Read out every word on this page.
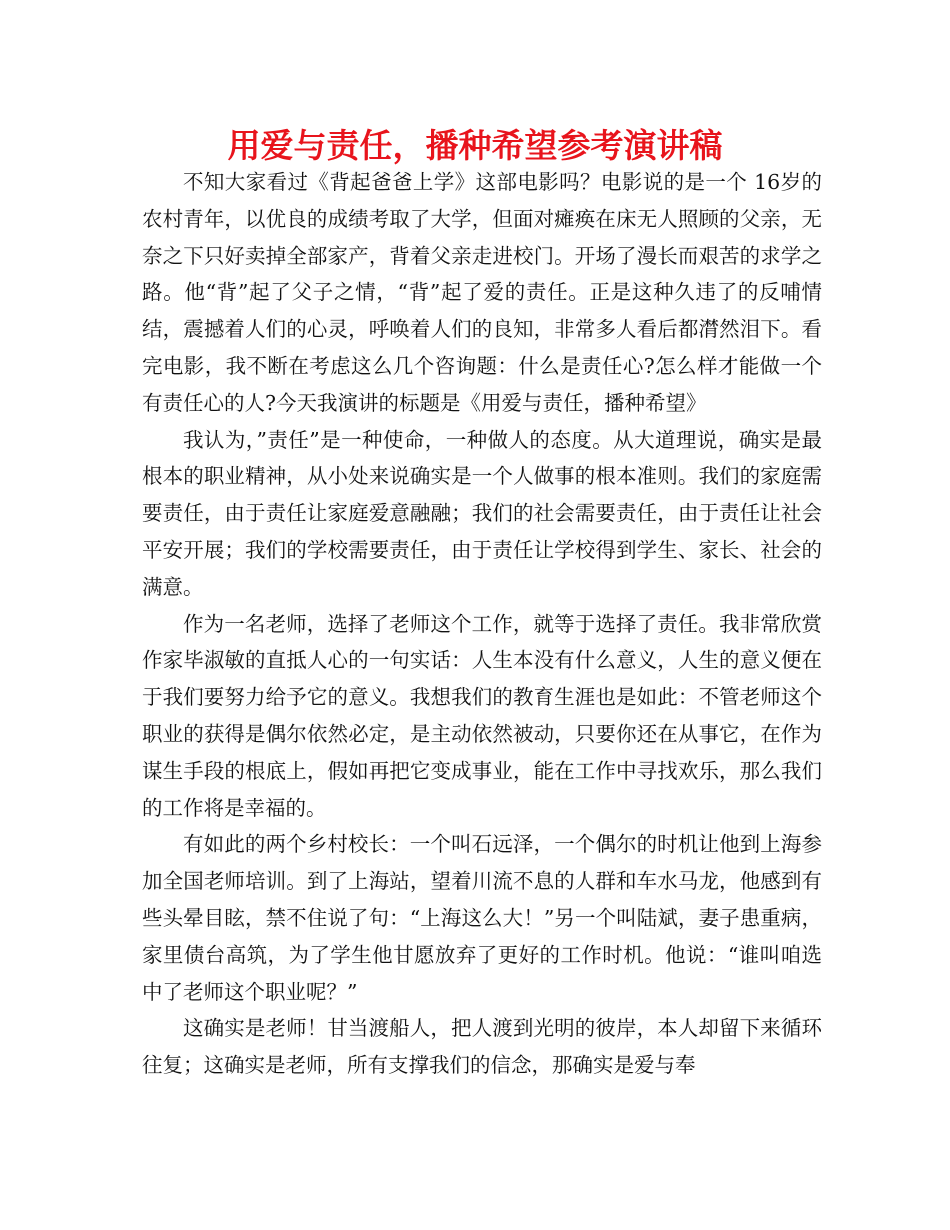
用爱与责任，播种希望参考演讲稿

不知大家看过《背起爸爸上学》这部电影吗？电影说的是一个 16岁的农村青年，以优良的成绩考取了大学，但面对瘫痪在床无人照顾的父亲，无奈之下只好卖掉全部家产，背着父亲走进校门。开场了漫长而艰苦的求学之路。他“背”起了父子之情，“背”起了爱的责任。正是这种久违了的反哺情结，震撼着人们的心灵，呼唤着人们的良知，非常多人看后都潸然泪下。看完电影，我不断在考虑这么几个咨询题：什么是责任心?怎么样才能做一个有责任心的人?今天我演讲的标题是《用爱与责任，播种希望》

我认为，”责任”是一种使命，一种做人的态度。从大道理说，确实是最根本的职业精神，从小处来说确实是一个人做事的根本准则。我们的家庭需要责任，由于责任让家庭爱意融融；我们的社会需要责任，由于责任让社会平安开展；我们的学校需要责任，由于责任让学校得到学生、家长、社会的满意。

作为一名老师，选择了老师这个工作，就等于选择了责任。我非常欣赏作家毕淑敏的直抵人心的一句实话：人生本没有什么意义，人生的意义便在于我们要努力给予它的意义。我想我们的教育生涯也是如此：不管老师这个职业的获得是偶尔依然必定，是主动依然被动，只要你还在从事它，在作为谋生手段的根底上，假如再把它变成事业，能在工作中寻找欢乐，那么我们的工作将是幸福的。

有如此的两个乡村校长：一个叫石远泽，一个偶尔的时机让他到上海参加全国老师培训。到了上海站，望着川流不息的人群和车水马龙，他感到有些头晕目眩，禁不住说了句：“上海这么大！”另一个叫陆斌，妻子患重病，家里债台高筑，为了学生他甘愿放弃了更好的工作时机。他说：“谁叫咱选中了老师这个职业呢？”

这确实是老师！甘当渡船人，把人渡到光明的彼岸，本人却留下来循环往复；这确实是老师，所有支撑我们的信念，那确实是爱与奉
